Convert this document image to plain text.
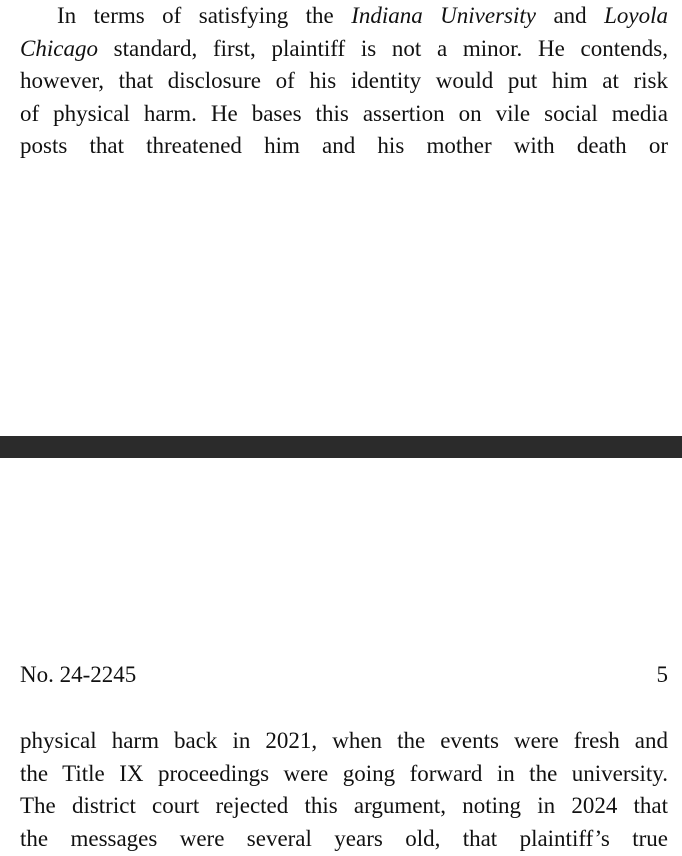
In terms of satisfying the Indiana University and Loyola
Chicago standard, first, plaintiff is not a minor. He contends,
however, that disclosure of his identity would put him at risk
of physical harm. He bases this assertion on vile social media
posts that threatened him and his mother with death or
No. 24-2245	5
physical harm back in 2021, when the events were fresh and
the Title IX proceedings were going forward in the university.
The district court rejected this argument, noting in 2024 that
the messages were several years old, that plaintiff’s true
